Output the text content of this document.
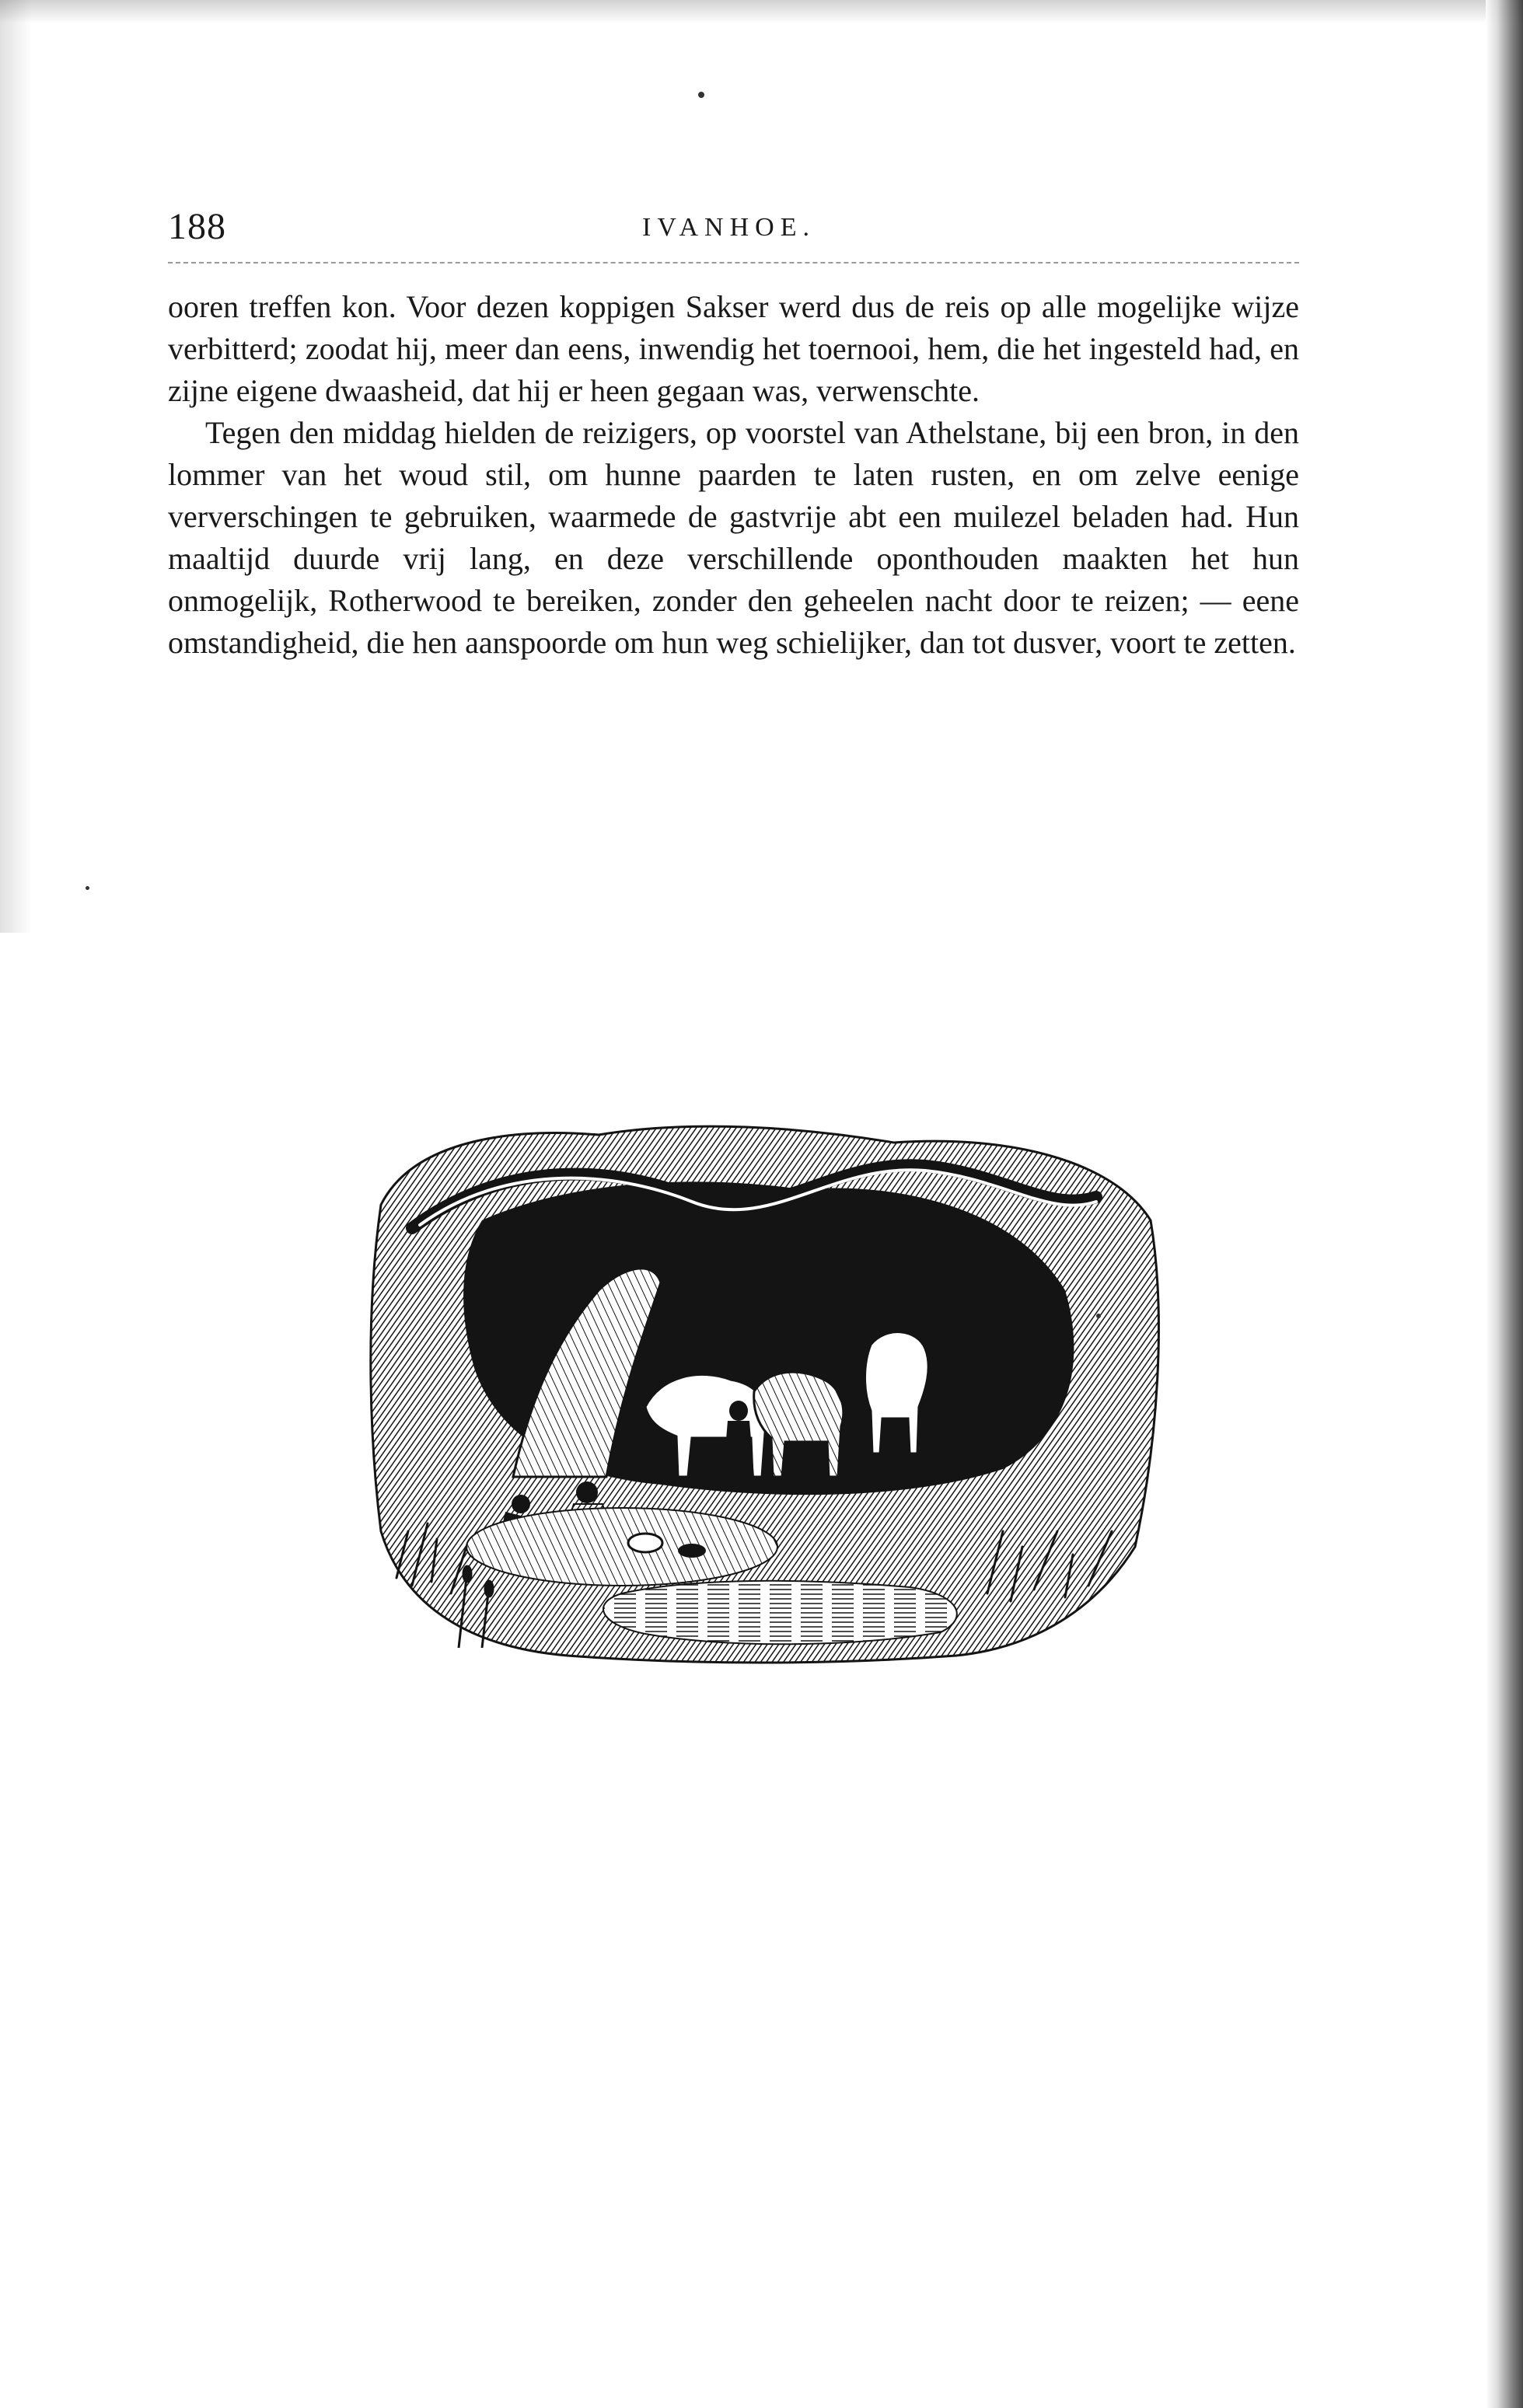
188	IVANHOE.

ooren treffen kon. Voor dezen koppigen Sakser werd dus de reis op alle mogelijke wijze verbitterd; zoodat hij, meer dan eens, inwendig het toernooi, hem, die het ingesteld had, en zijne eigene dwaasheid, dat hij er heen gegaan was, verwenschte.

Tegen den middag hielden de reizigers, op voorstel van Athelstane, bij een bron, in den lommer van het woud stil, om hunne paarden te laten rusten, en om zelve eenige ververschingen te gebruiken, waarmede de gastvrije abt een muilezel beladen had. Hun maaltijd duurde vrij lang, en deze verschillende oponthouden maakten het hun onmogelijk, Rotherwood te bereiken, zonder den geheelen nacht door te reizen; — eene omstandigheid, die hen aanspoorde om hun weg schielijker, dan tot dusver, voort te zetten.
